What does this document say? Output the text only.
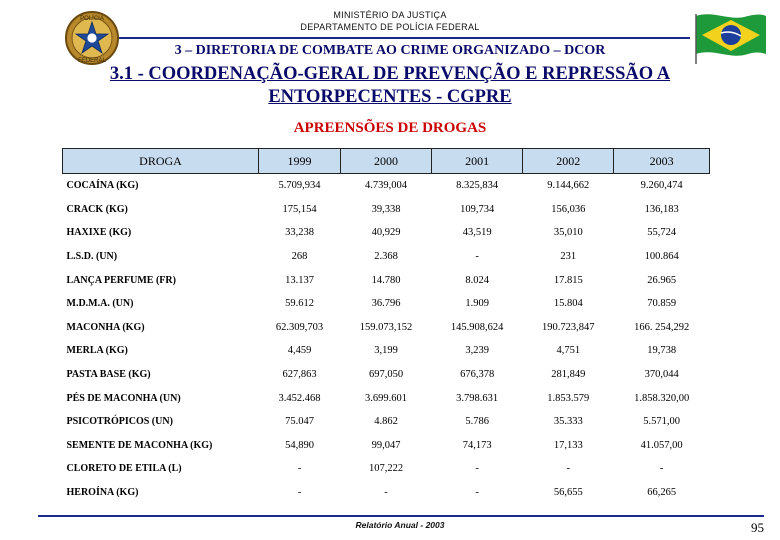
MINISTÉRIO DA JUSTIÇA
DEPARTAMENTO DE POLÍCIA FEDERAL
POLÍCIA
FEDERAL
3 – DIRETORIA DE COMBATE AO CRIME ORGANIZADO – DCOR
3.1 - COORDENAÇÃO-GERAL DE PREVENÇÃO E REPRESSÃO A
ENTORPECENTES - CGPRE
APREENSÕES DE DROGAS
DROGA	1999	2000	2001	2002	2003
COCAÍNA (KG)	5.709,934	4.739,004	8.325,834	9.144,662	9.260,474
CRACK (KG)	175,154	39,338	109,734	156,036	136,183
HAXIXE (KG)	33,238	40,929	43,519	35,010	55,724
L.S.D. (UN)	268	2.368	-	231	100.864
LANÇA PERFUME (FR)	13.137	14.780	8.024	17.815	26.965
M.D.M.A. (UN)	59.612	36.796	1.909	15.804	70.859
MACONHA (KG)	62.309,703	159.073,152	145.908,624	190.723,847	166. 254,292
MERLA (KG)	4,459	3,199	3,239	4,751	19,738
PASTA BASE (KG)	627,863	697,050	676,378	281,849	370,044
PÉS DE MACONHA (UN)	3.452.468	3.699.601	3.798.631	1.853.579	1.858.320,00
PSICOTRÓPICOS (UN)	75.047	4.862	5.786	35.333	5.571,00
SEMENTE DE MACONHA (KG)	54,890	99,047	74,173	17,133	41.057,00
CLORETO DE ETILA (L)	-	107,222	-	-	-
HEROÍNA (KG)	-	-	-	56,655	66,265
Relatório Anual - 2003	95
